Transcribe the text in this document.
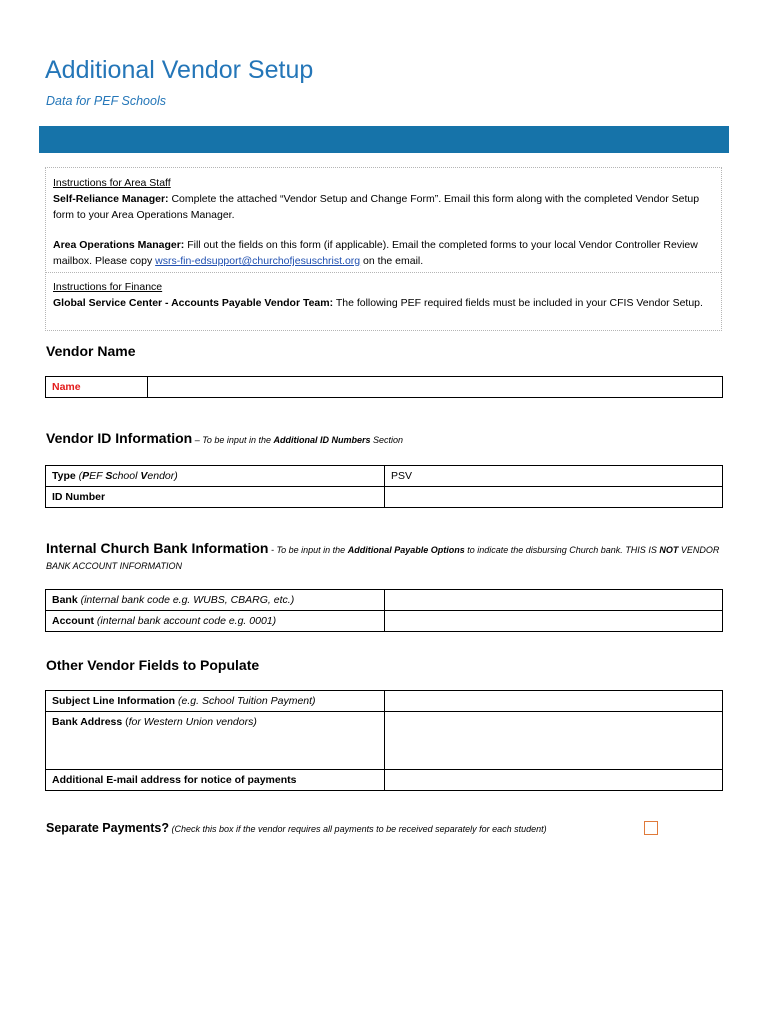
Additional Vendor Setup

Data for PEF Schools

Instructions for Area Staff
Self-Reliance Manager: Complete the attached “Vendor Setup and Change Form”. Email this form along with the completed Vendor Setup form to your Area Operations Manager.
Area Operations Manager: Fill out the fields on this form (if applicable). Email the completed forms to your local Vendor Controller Review mailbox. Please copy wsrs-fin-edsupport@churchofjesuschrist.org on the email.
Instructions for Finance
Global Service Center - Accounts Payable Vendor Team: The following PEF required fields must be included in your CFIS Vendor Setup.
Vendor Name
Name	
Vendor ID Information – To be input in the Additional ID Numbers Section
Type (PEF School Vendor)	PSV
ID Number	
Internal Church Bank Information - To be input in the Additional Payable Options to indicate the disbursing Church bank. THIS IS NOT VENDOR BANK ACCOUNT INFORMATION
Bank (internal bank code e.g. WUBS, CBARG, etc.)	
Account (internal bank account code e.g. 0001)	
Other Vendor Fields to Populate
Subject Line Information (e.g. School Tuition Payment)	
Bank Address (for Western Union vendors)	
Additional E-mail address for notice of payments	
Separate Payments? (Check this box if the vendor requires all payments to be received separately for each student)
